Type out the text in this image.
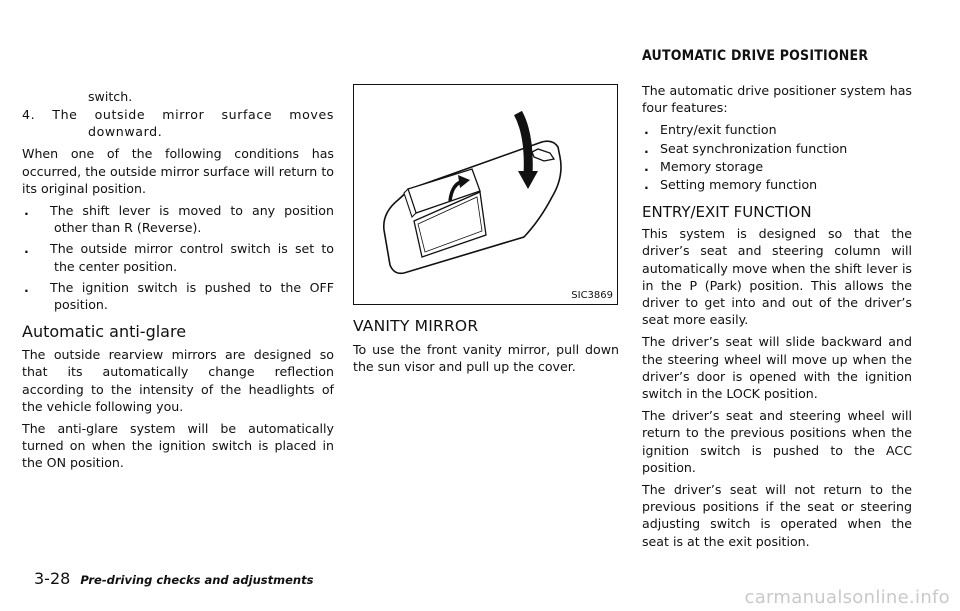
AUTOMATIC DRIVE POSITIONER

switch.

4. The outside mirror surface moves downward.

When one of the following conditions has occurred, the outside mirror surface will return to its original position.

.	The shift lever is moved to any position other than R (Reverse).
.	The outside mirror control switch is set to the center position.
.	The ignition switch is pushed to the OFF position.
Automatic anti-glare

The outside rearview mirrors are designed so that its automatically change reflection according to the intensity of the headlights of the vehicle following you.

The anti-glare system will be automatically turned on when the ignition switch is placed in the ON position.

SIC3869
VANITY MIRROR

To use the front vanity mirror, pull down the sun visor and pull up the cover.

The automatic drive positioner system has four features:

. Entry/exit function
. Seat synchronization function
. Memory storage
. Setting memory function
ENTRY/EXIT FUNCTION

This system is designed so that the driver’s seat and steering column will automatically move when the shift lever is in the P (Park) position. This allows the driver to get into and out of the driver’s seat more easily.

The driver’s seat will slide backward and the steering wheel will move up when the driver’s door is opened with the ignition switch in the LOCK position.

The driver’s seat and steering wheel will return to the previous positions when the ignition switch is pushed to the ACC position.

The driver’s seat will not return to the previous positions if the seat or steering adjusting switch is operated when the seat is at the exit position.

3-28 Pre-driving checks and adjustments
carmanualsonline.info
